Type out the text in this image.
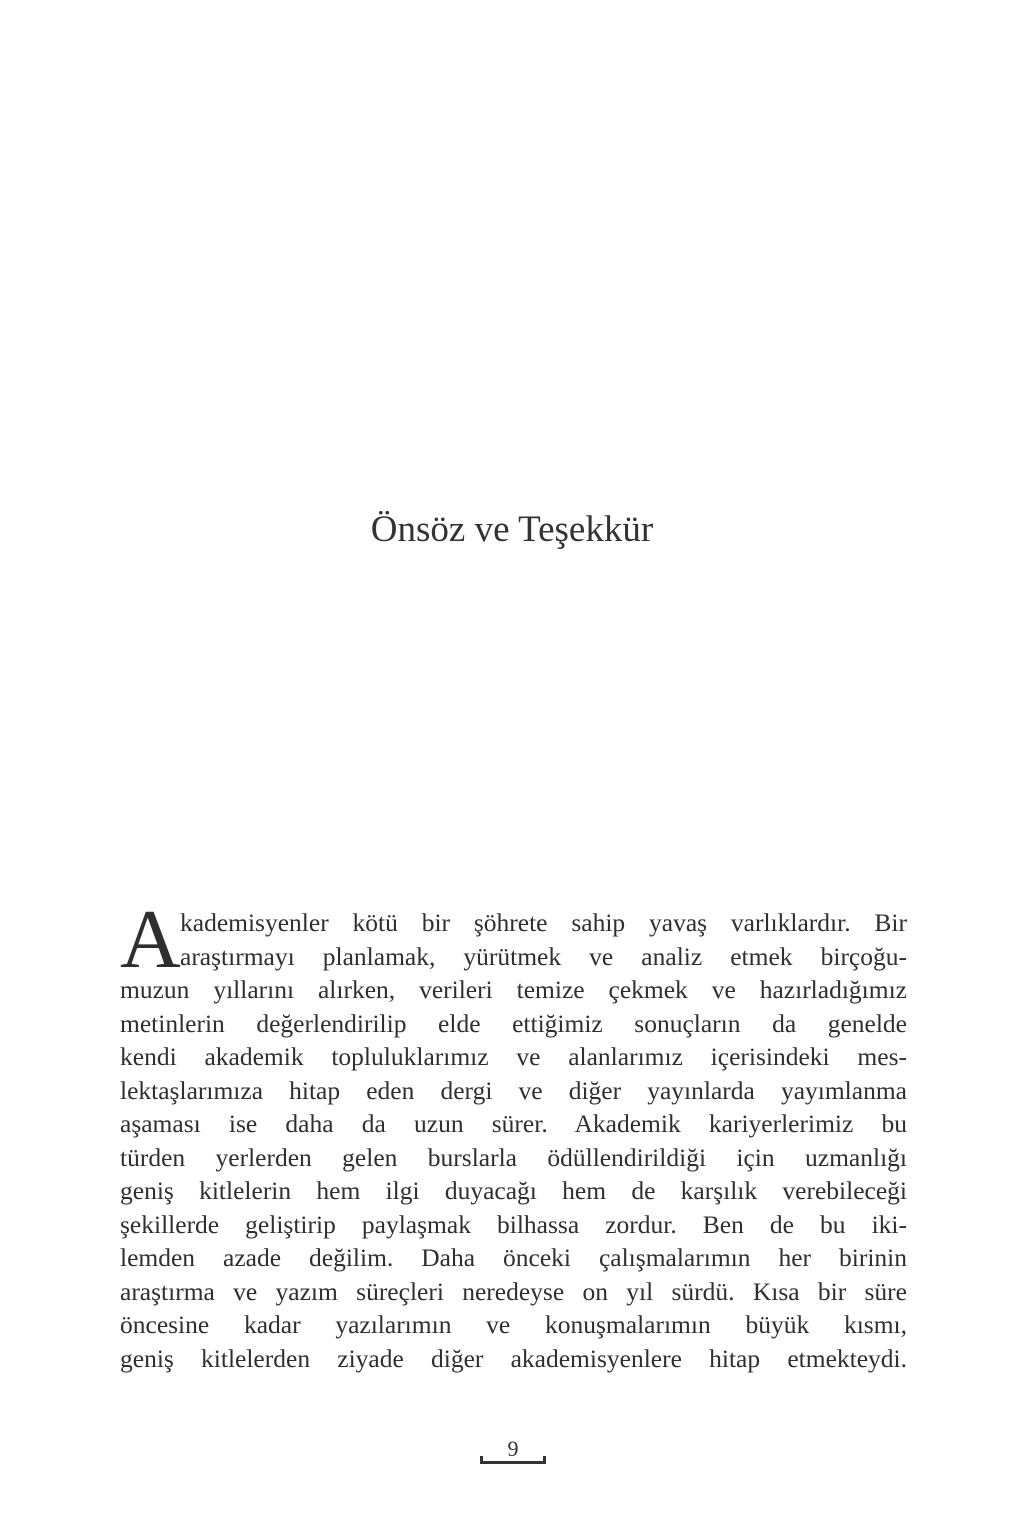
Önsöz ve Teşekkür
A kademisyenler kötü bir şöhrete sahip yavaş varlıklardır. Bir
araştırmayı planlamak, yürütmek ve analiz etmek birçoğu-
muzun yıllarını alırken, verileri temize çekmek ve hazırladığımız
metinlerin değerlendirilip elde ettiğimiz sonuçların da genelde
kendi akademik topluluklarımız ve alanlarımız içerisindeki mes-
lektaşlarımıza hitap eden dergi ve diğer yayınlarda yayımlanma
aşaması ise daha da uzun sürer. Akademik kariyerlerimiz bu
türden yerlerden gelen burslarla ödüllendirildiği için uzmanlığı
geniş kitlelerin hem ilgi duyacağı hem de karşılık verebileceği
şekillerde geliştirip paylaşmak bilhassa zordur. Ben de bu iki-
lemden azade değilim. Daha önceki çalışmalarımın her birinin
araştırma ve yazım süreçleri neredeyse on yıl sürdü. Kısa bir süre
öncesine kadar yazılarımın ve konuşmalarımın büyük kısmı,
geniş kitlelerden ziyade diğer akademisyenlere hitap etmekteydi.
9
